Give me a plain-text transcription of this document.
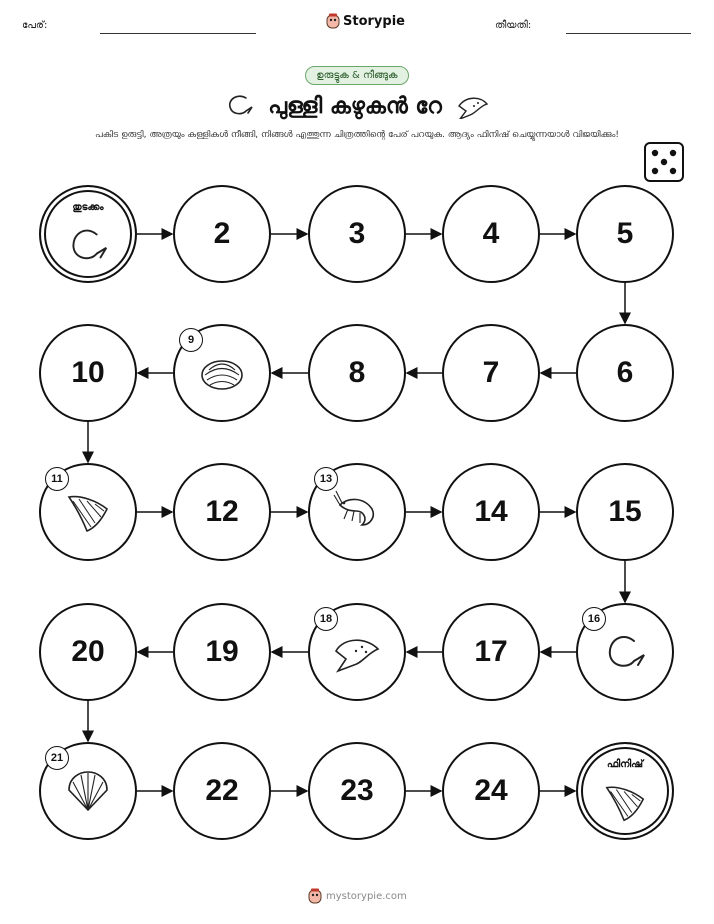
പേര്:	Storypie	തീയതി:
ഉരുട്ടുക & നീങ്ങുക
പുള്ളി കഴുകൻ റേ
പകിട ഉരുട്ടി, അത്രയും കള്ളികൾ നീങ്ങി, നിങ്ങൾ എത്തുന്ന ചിത്രത്തിന്റെ പേര് പറയുക. ആദ്യം ഫിനിഷ് ചെയ്യുന്നയാൾ വിജയിക്കും!
തുടക്കം
2	3	4	5
6
7
8
9
10
11
12
13
14	15
16
17
18
19
20
21
22	23	24
ഫിനിഷ്
mystorypie.com
